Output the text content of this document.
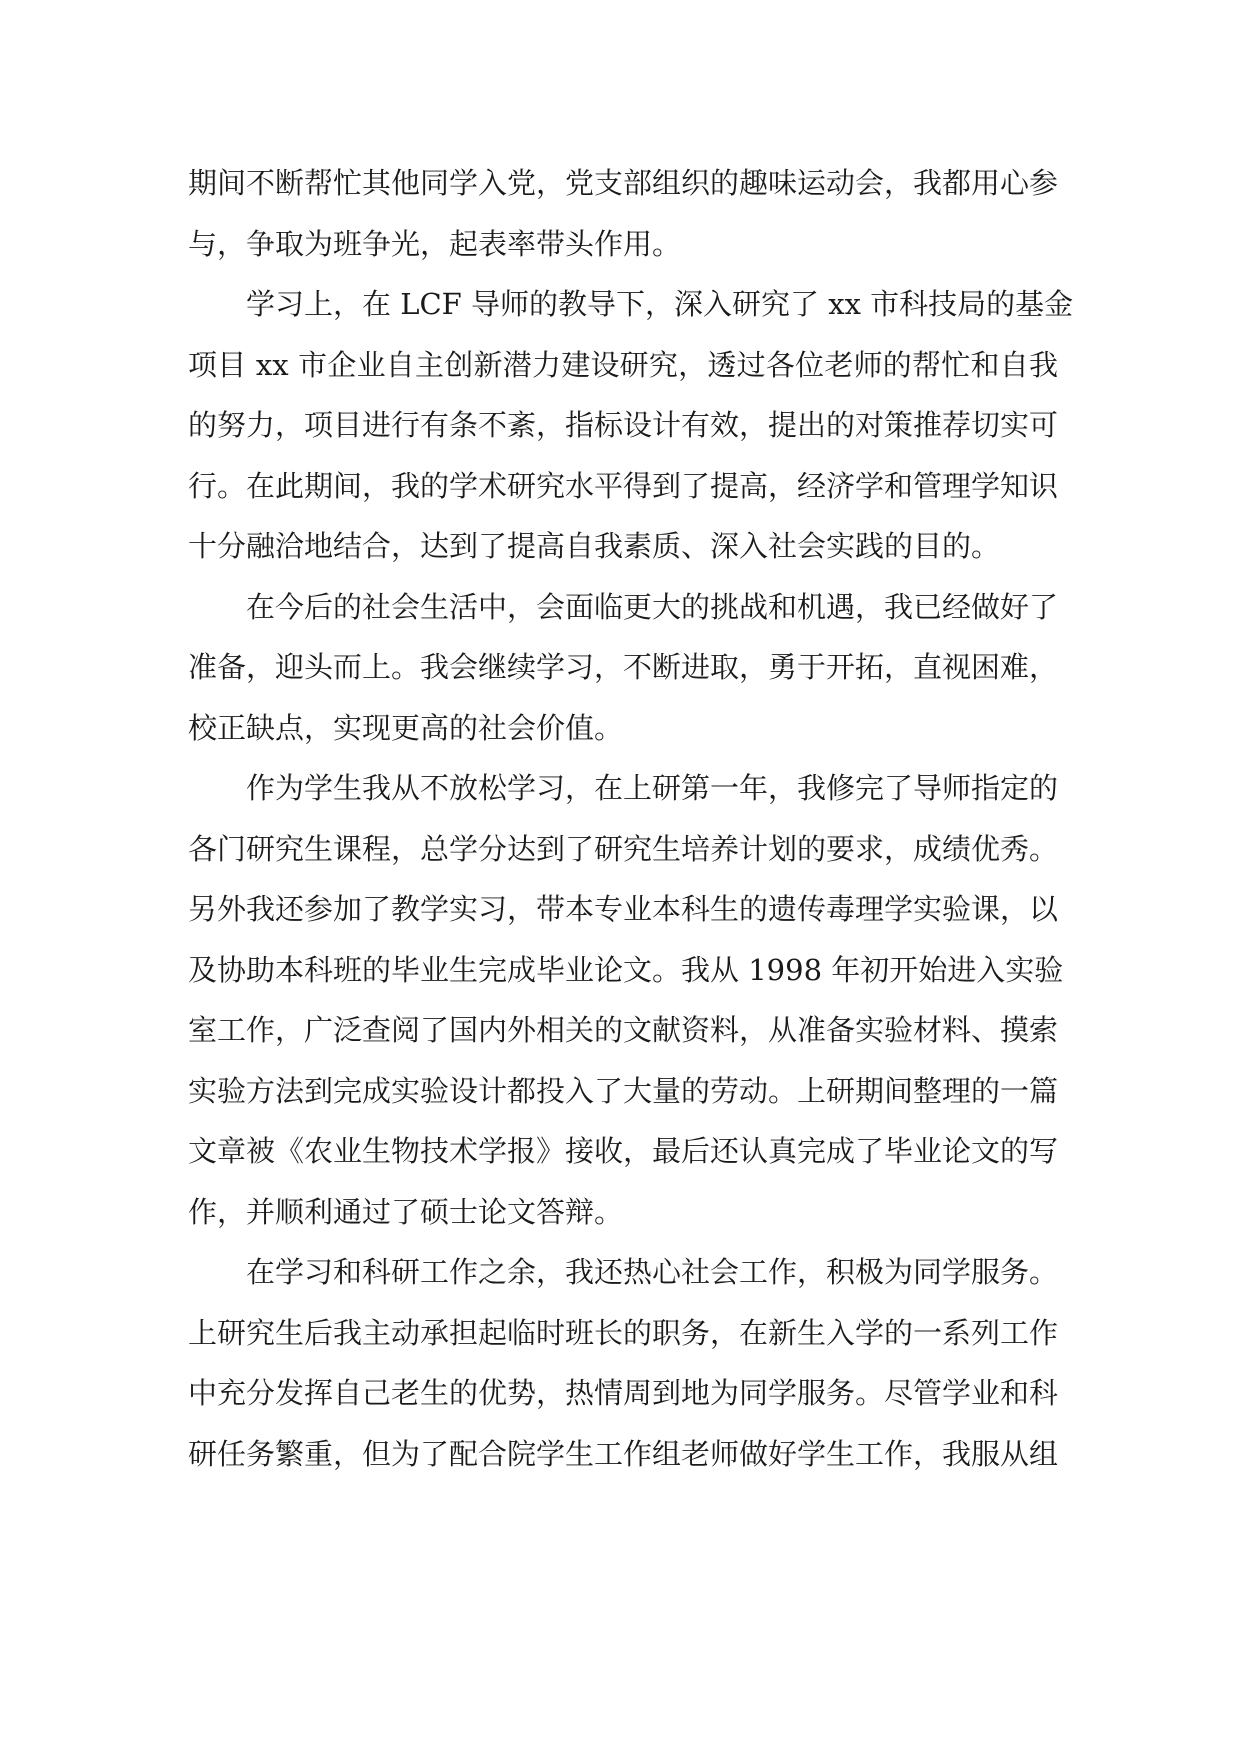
期间不断帮忙其他同学入党，党支部组织的趣味运动会，我都用心参
与，争取为班争光，起表率带头作用。
学习上，在 LCF 导师的教导下，深入研究了 xx 市科技局的基金
项目 xx 市企业自主创新潜力建设研究，透过各位老师的帮忙和自我
的努力，项目进行有条不紊，指标设计有效，提出的对策推荐切实可
行。在此期间，我的学术研究水平得到了提高，经济学和管理学知识
十分融洽地结合，达到了提高自我素质、深入社会实践的目的。
在今后的社会生活中，会面临更大的挑战和机遇，我已经做好了
准备，迎头而上。我会继续学习，不断进取，勇于开拓，直视困难，
校正缺点，实现更高的社会价值。
作为学生我从不放松学习，在上研第一年，我修完了导师指定的
各门研究生课程，总学分达到了研究生培养计划的要求，成绩优秀。
另外我还参加了教学实习，带本专业本科生的遗传毒理学实验课，以
及协助本科班的毕业生完成毕业论文。我从 1998 年初开始进入实验
室工作，广泛查阅了国内外相关的文献资料，从准备实验材料、摸索
实验方法到完成实验设计都投入了大量的劳动。上研期间整理的一篇
文章被《农业生物技术学报》接收，最后还认真完成了毕业论文的写
作，并顺利通过了硕士论文答辩。
在学习和科研工作之余，我还热心社会工作，积极为同学服务。
上研究生后我主动承担起临时班长的职务，在新生入学的一系列工作
中充分发挥自己老生的优势，热情周到地为同学服务。尽管学业和科
研任务繁重，但为了配合院学生工作组老师做好学生工作，我服从组
